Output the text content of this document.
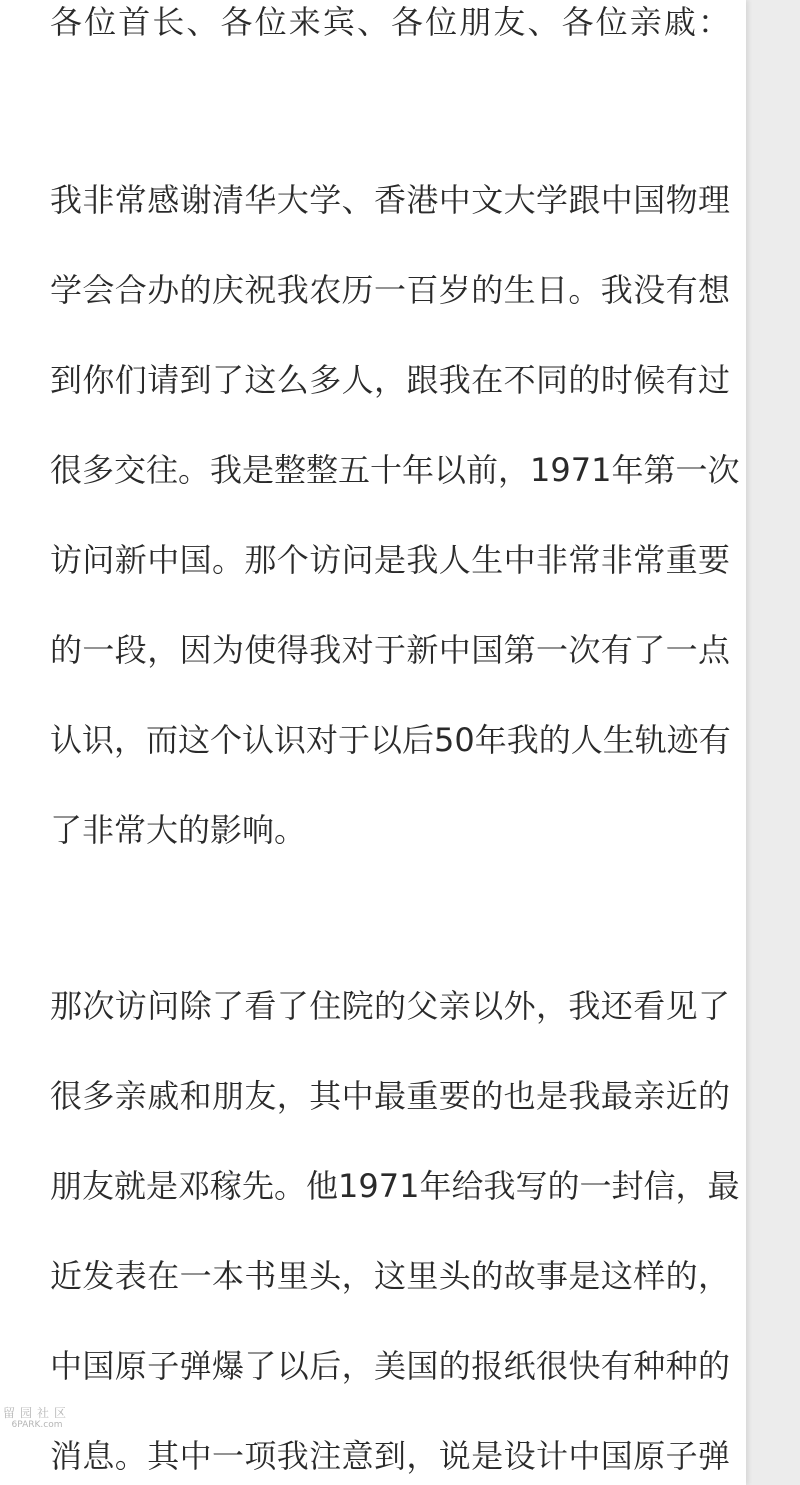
各位首长、各位来宾、各位朋友、各位亲戚：
我非常感谢清华大学、香港中文大学跟中国物理
学会合办的庆祝我农历一百岁的生日。我没有想
到你们请到了这么多人，跟我在不同的时候有过
很多交往。我是整整五十年以前，1971年第一次
访问新中国。那个访问是我人生中非常非常重要
的一段，因为使得我对于新中国第一次有了一点
认识，而这个认识对于以后50年我的人生轨迹有
了非常大的影响。
那次访问除了看了住院的父亲以外，我还看见了
很多亲戚和朋友，其中最重要的也是我最亲近的
朋友就是邓稼先。他1971年给我写的一封信，最
近发表在一本书里头，这里头的故事是这样的，
中国原子弹爆了以后，美国的报纸很快有种种的
消息。其中一项我注意到，说是设计中国原子弹
留园社区
6PARK.com
